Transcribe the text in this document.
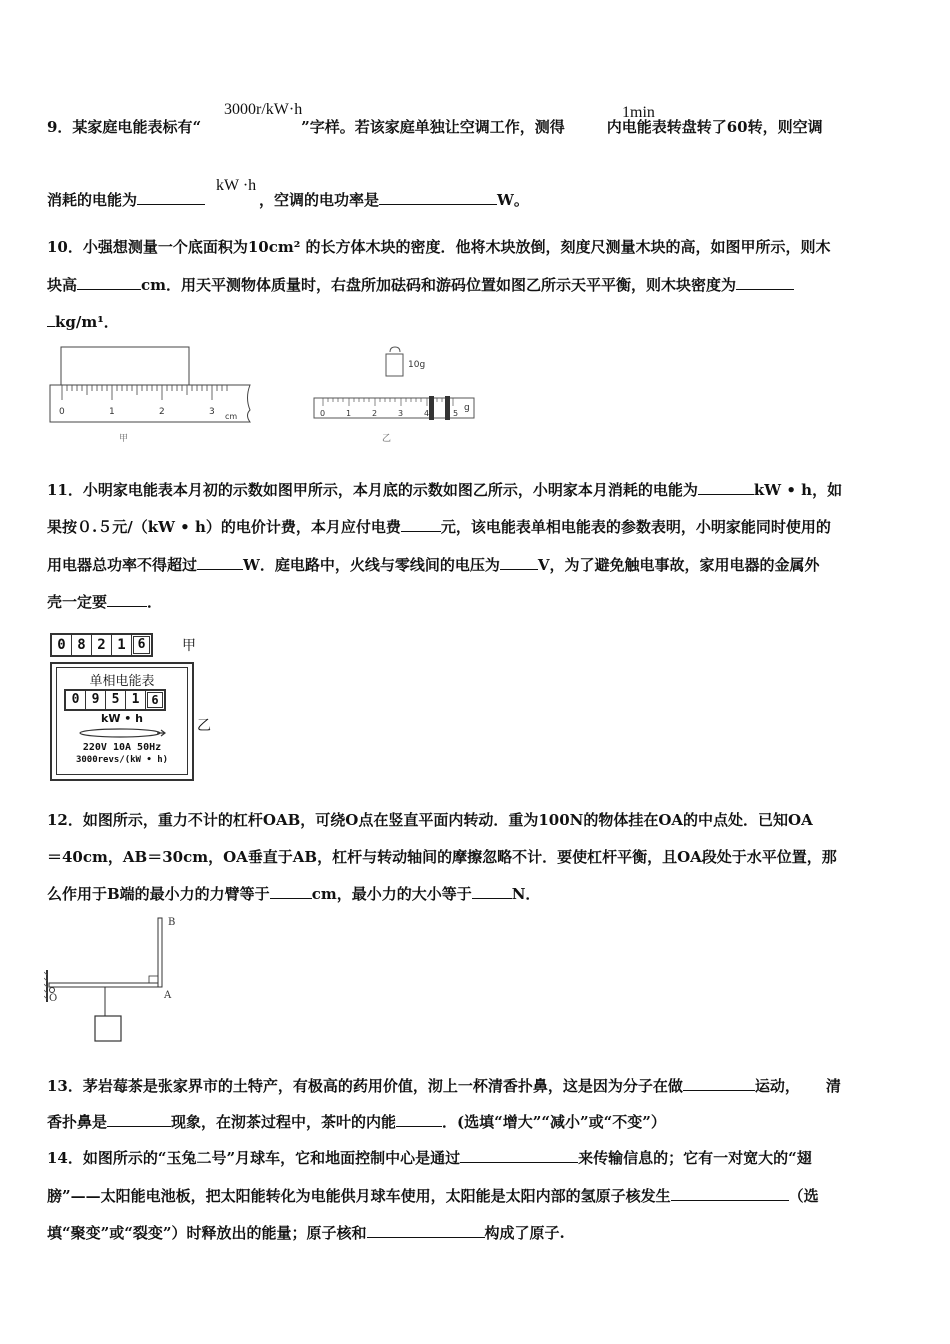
9．某家庭电能表标有“	”字样。若该家庭单独让空调工作，测得	内电能表转盘转了60转，则空调
3000r/kW·h	1min
消耗的电能为	，空调的电功率是	W。
kW ·h
10．小强想测量一个底面积为10cm² 的长方体木块的密度．他将木块放倒，刻度尺测量木块的高，如图甲所示，则木
块高	cm．用天平测物体质量时，右盘所加砝码和游码位置如图乙所示天平平衡，则木块密度为
kg/m¹．
0	1	2	3 cm
甲
10g
0	1	2	3	4	5
g
乙
11．小明家电能表本月初的示数如图甲所示，本月底的示数如图乙所示，小明家本月消耗的电能为	kW • h，如
果按０.５元/（kW • h）的电价计费，本月应付电费	元，该电能表单相电能表的参数表明，小明家能同时使用的
用电器总功率不得超过	W．庭电路中，火线与零线间的电压为	V，为了避免触电事故，家用电器的金属外
壳一定要	．
0 8 2 1 6	甲
单相电能表
0 9 5 1 6
kW • h
220V 10A 50Hz
3000revs/(kW • h)
乙
12．如图所示，重力不计的杠杆OAB，可绕O点在竖直平面内转动．重为100N的物体挂在OA的中点处．已知OA
＝40cm，AB＝30cm，OA垂直于AB，杠杆与转动轴间的摩擦忽略不计．要使杠杆平衡，且OA段处于水平位置，那
么作用于B端的最小力的力臂等于	cm，最小力的大小等于	N．
B
O	A
13．茅岩莓茶是张家界市的土特产，有极高的药用价值，沏上一杯清香扑鼻，这是因为分子在做	运动， 清
香扑鼻是	现象，在沏茶过程中，茶叶的内能	．(选填“增大”“减小”或“不变”）
14．如图所示的“玉兔二号”月球车，它和地面控制中心是通过	来传输信息的；它有一对宽大的“翅
膀”——太阳能电池板，把太阳能转化为电能供月球车使用，太阳能是太阳内部的氢原子核发生	（选
填“聚变”或“裂变”）时释放出的能量；原子核和	构成了原子.
